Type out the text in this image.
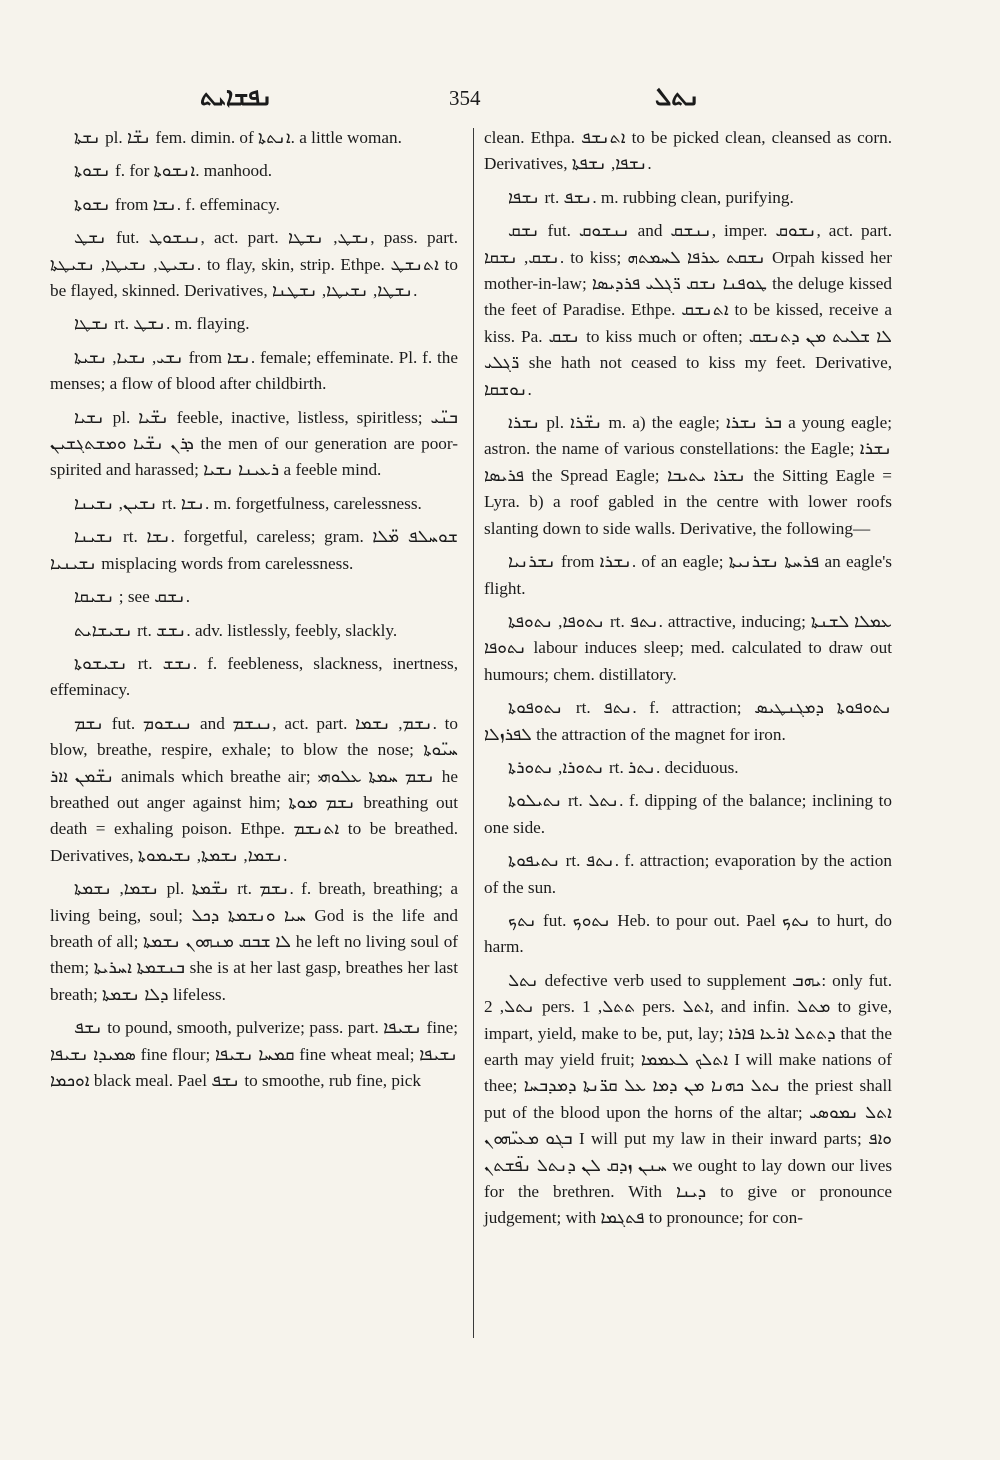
ܢܦܫܐܝܬ	354	ܢܬܠ

ܢܫܬܐ pl. ܢܫ̈ܐ fem. dimin. of ܐܢܬܬܐ. a little woman.

ܢܫܘܬܐ f. for ܐܢܫܘܬܐ. manhood.

ܢܫܘܬܐ from ܢܫܐ. f. effeminacy.

ܢܫܛ fut. ܢܢܫܘܛ, act. part. ܢܫܛ, ܢܫܛܐ, pass. part. ܢܫܝܛ, ܢܫܝܛܐ, ܢܫܝܛܬܐ. to flay, skin, strip. Ethpe. ܐܬܢܫܛ to be flayed, skinned. Derivatives, ܢܫܛܐ, ܢܫܝܛܐ, ܢܫܛܢܐ.

ܢܫܛܐ rt. ܢܫܛ. m. flaying.

ܢܫܝ, ܢܫܝܐ, ܢܫܝܬܐ from ܢܫܐ. female; effeminate. Pl. f. the menses; a flow of blood after childbirth.

ܢܫܝܐ pl. ܢܫ̈ܝܐ feeble, inactive, listless, spiritless; ܒܢ̈ܝ ܕܪܢ ܢܫ̈ܝܐ ܘܡܫܬܓܫܝܢ the men of our generation are poor-spirited and harassed; ܪܥܝܢܐ ܢܫܝܐ a feeble mind.

ܢܫܝܢ, ܢܫܝܢܐ rt. ܢܫܐ. m. forgetfulness, carelessness.

ܢܫܝܢܐ rt. ܢܫܐ. forgetful, careless; gram. ܫܘܚܠܦ ܡ̈ܠܐ ܢܫܝܢܝܐ misplacing words from carelessness.

ܢܫܝܩܐ ; see ܢܫܩ.

ܢܫܝܫܐܝܬ rt. ܢܫܫ. adv. listlessly, feebly, slackly.

ܢܫܝܫܘܬܐ rt. ܢܫܫ. f. feebleness, slackness, inertness, effeminacy.

ܢܫܡ fut. ܢܢܫܘܡ and ܢܢܫܡ, act. part. ܢܫܡ, ܢܫܡܐ. to blow, breathe, respire, exhale; to blow the nose; ܚܝ̈ܘܬܐ ܢܫ̈ܡܢ ܐܐܪ animals which breathe air; ܢܫܡ ܚܡܬܐ ܥܠܘܗܝ he breathed out anger against him; ܢܫܡ ܡܘܬܐ breathing out death = exhaling poison. Ethpe. ܐܬܢܫܡ to be breathed. Derivatives, ܢܫܡܐ, ܢܫܡܬܐ, ܢܫܝܡܘܬܐ.

ܢܫܡܐ, ܢܫܡܬܐ pl. ܢܫ̈ܡܬܐ rt. ܢܫܡ. f. breath, breathing; a living being, soul; ܚܝܐ ܘܢܫܡܬܐ ܕܟܠ God is the life and breath of all; ܠܐ ܫܒܩ ܡܢܗܘܢ ܢܫܡܬܐ he left no living soul of them; ܒܢܫܡܬܐ ܐܚܪܝܬܐ she is at her last gasp, breathes her last breath; ܕܠܐ ܢܫܡܬܐ lifeless.

ܢܫܦ to pound, smooth, pulverize; pass. part. ܢܫܝܦܐ fine; ܣܡܝܕܐ ܢܫܝܦܐ fine flour; ܩܡܚܐ ܢܫܝܦܐ fine wheat meal; ܢܫܝܦܐ ܐܘܟܡܐ black meal. Pael ܢܫܦ to smoothe, rub fine, pick

clean. Ethpa. ܐܬܢܫܦ to be picked clean, cleansed as corn. Derivatives, ܢܫܦܐ, ܢܫܦܬܐ.

ܢܫܦܐ rt. ܢܫܦ. m. rubbing clean, purifying.

ܢܫܩ fut. ܢܢܫܘܩ and ܢܢܫܩ, imper. ܢܫܘܩ, act. part. ܢܫܩ, ܢܫܩܐ. to kiss; ܢܫܩܬ ܥܪܦܐ ܠܚܡܬܗ Orpah kissed her mother-in-law; ܛܘܦܢܐ ܢܫܩ ܪ̈ܓܠܝ ܦܪܕܝܣܐ the deluge kissed the feet of Paradise. Ethpe. ܐܬܢܫܩ to be kissed, receive a kiss. Pa. ܢܫܩ to kiss much or often; ܠܐ ܫܠܝܬ ܡܢ ܕܬܢܫܩ ܪ̈ܓܠܝ she hath not ceased to kiss my feet. Derivative, ܢܘܫܩܐ.

ܢܫܪܐ pl. ܢܫ̈ܪܐ m. a) the eagle; ܒܪ ܢܫܪܐ a young eagle; astron. the name of various constellations: the Eagle; ܢܫܪܐ ܦܪܝܣܐ the Spread Eagle; ܢܫܪܐ ܝܬܝܒܐ the Sitting Eagle = Lyra. b) a roof gabled in the centre with lower roofs slanting down to side walls. Derivative, the following—

ܢܫܪܢܝܐ from ܢܫܪܐ. of an eagle; ܦܪܚܬܐ ܢܫܪܢܝܬܐ an eagle's flight.

ܢܬܘܦܐ, ܢܬܘܦܬܐ rt. ܢܬܦ. attractive, inducing; ܥܡܠܐ ܠܫܢܬܐ ܢܬܘܦܐ labour induces sleep; med. calculated to draw out humours; chem. distillatory.

ܢܬܘܦܘܬܐ rt. ܢܬܦ. f. attraction; ܢܬܘܦܘܬܐ ܕܡܓܢܛܝܣ ܠܦܪܙܠܐ the attraction of the magnet for iron.

ܢܬܘܪܐ, ܢܬܘܪܬܐ rt. ܢܬܪ. deciduous.

ܢܬܝܠܘܬܐ rt. ܢܬܠ. f. dipping of the balance; inclining to one side.

ܢܬܝܦܘܬܐ rt. ܢܬܦ. f. attraction; evaporation by the action of the sun.

ܢܬܟ fut. ܢܬܘܟ Heb. to pour out. Pael ܢܬܟ to hurt, do harm.

ܢܬܠ defective verb used to supplement ܝܗܒ: only fut. ܢܬܠ, 2 pers. ܬܬܠ, 1 pers. ܐܬܠ, and infin. ܡܬܠ to give, impart, yield, make to be, put, lay; ܕܬܬܠ ܐܪܥܐ ܦܐܪܐ that the earth may yield fruit; ܐܬܠܟ ܠܥܡܡܐ I will make nations of thee; ܢܬܠ ܟܗܢܐ ܡܢ ܕܡܐ ܥܠ ܩܪ̈ܢܬܐ ܕܡܕܒܚܐ the priest shall put of the blood upon the horns of the altar; ܐܬܠ ܢܡܘܣܝ ܒܓܘ ܡܥܝ̈ܗܘܢ I will put my law in their inward parts; ܘܐܦ ܚܢܢ ܙܕܩ ܠܢ ܕܢܬܠ ܢܦ̈ܫܬܢ we ought to lay down our lives for the brethren. With ܕܝܢܐ to give or pronounce judgement; with ܦܬܓܡܐ to pronounce; for con-
